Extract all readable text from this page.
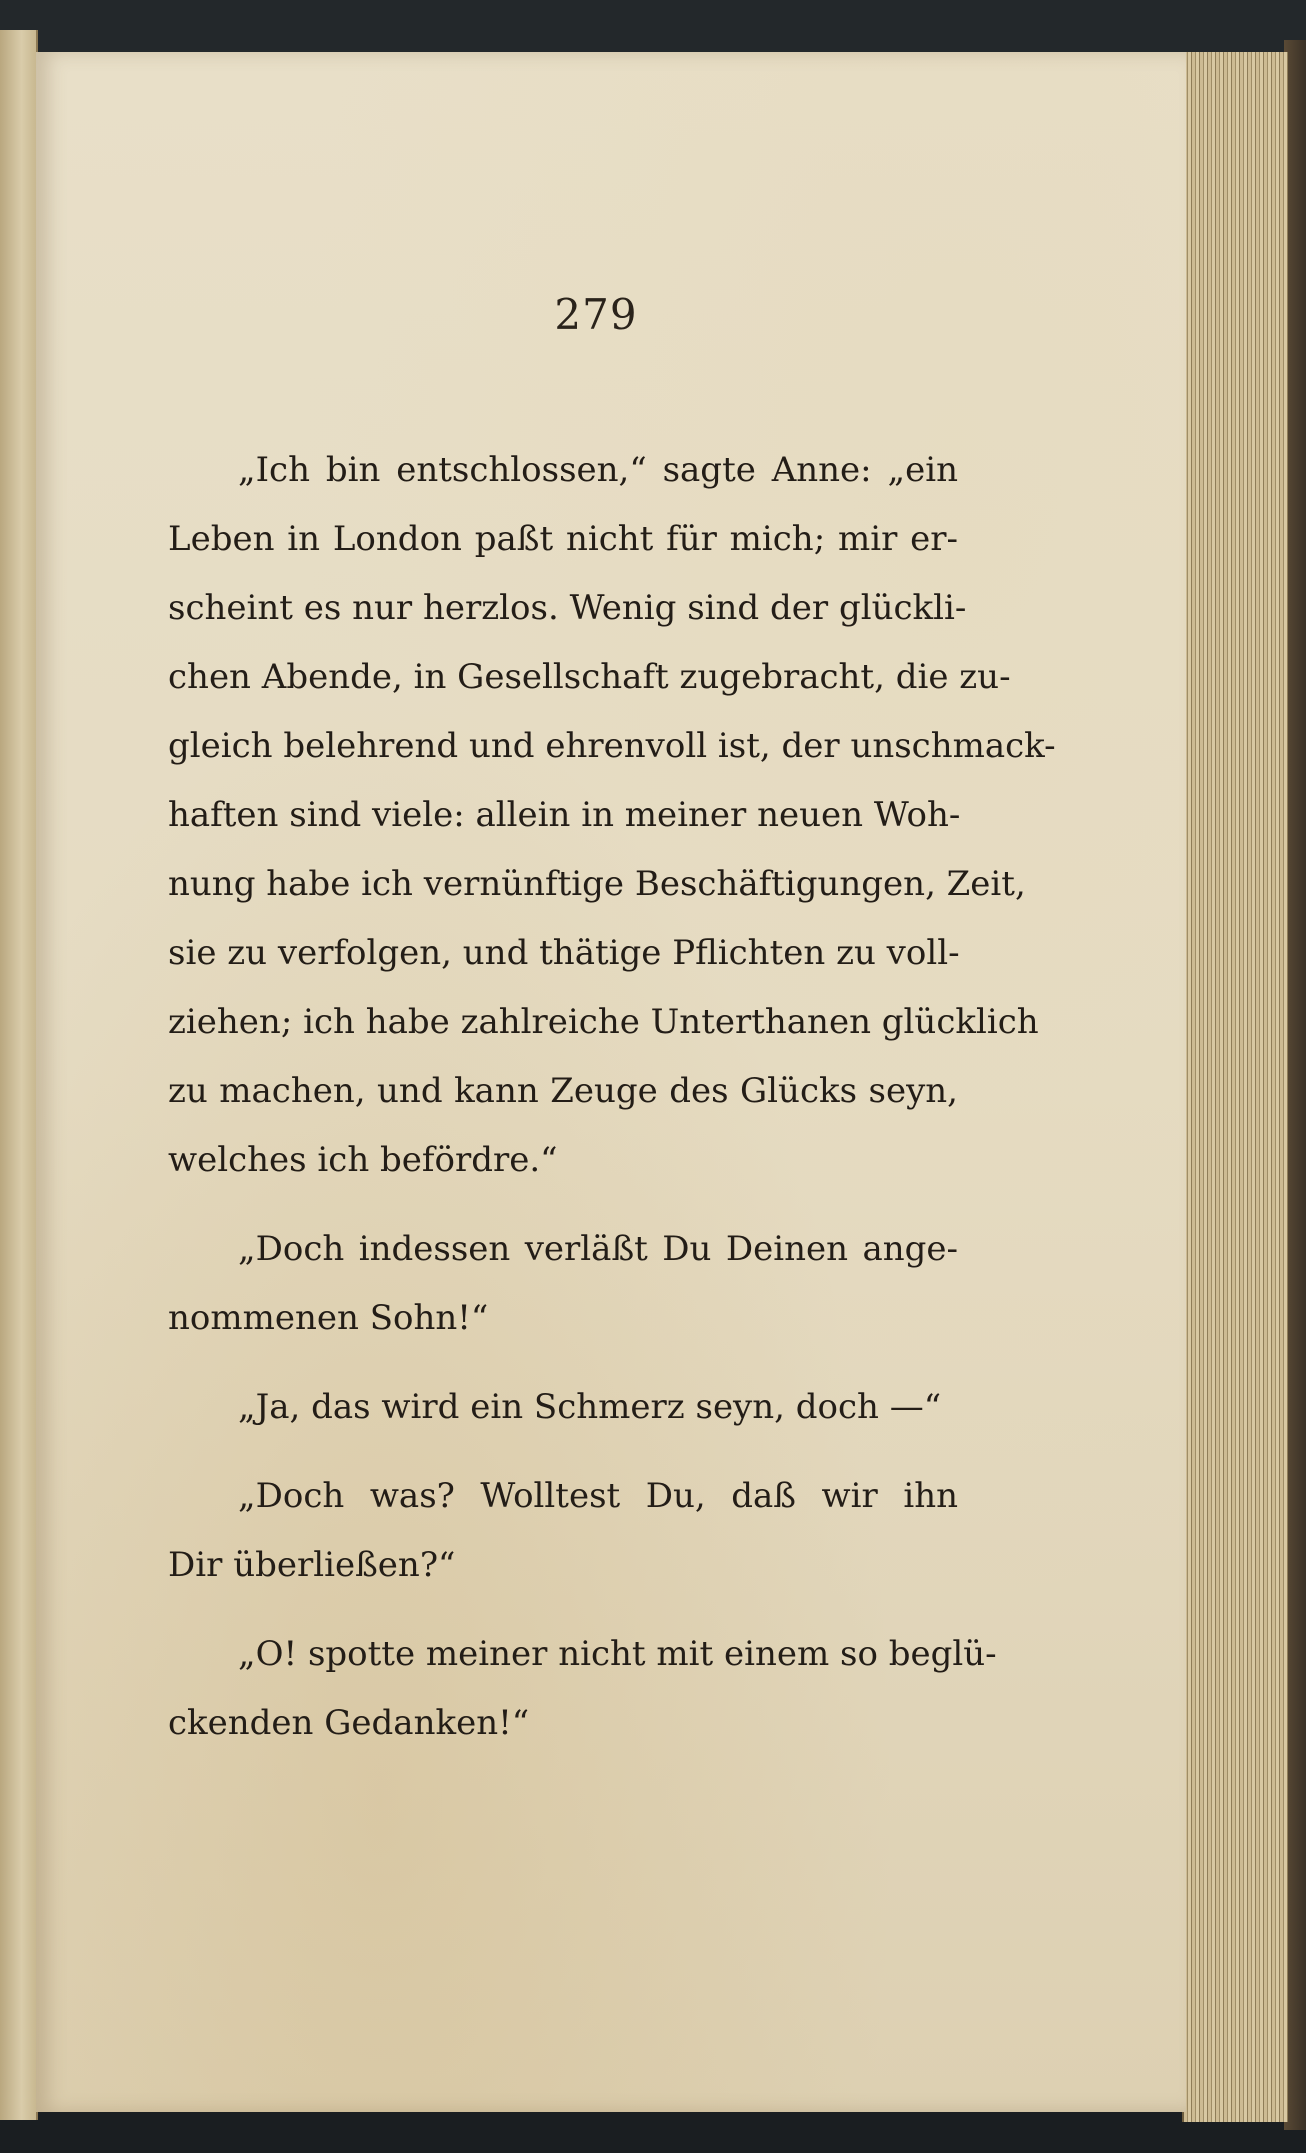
279
„Ich bin entschlossen,“ sagte Anne: „ein
Leben in London paßt nicht für mich; mir er-
scheint es nur herzlos. Wenig sind der glückli-
chen Abende, in Gesellschaft zugebracht, die zu-
gleich belehrend und ehrenvoll ist, der unschmack-
haften sind viele: allein in meiner neuen Woh-
nung habe ich vernünftige Beschäftigungen, Zeit,
sie zu verfolgen, und thätige Pflichten zu voll-
ziehen; ich habe zahlreiche Unterthanen glücklich
zu machen, und kann Zeuge des Glücks seyn,
welches ich befördre.“
„Doch indessen verläßt Du Deinen ange-
nommenen Sohn!“
„Ja, das wird ein Schmerz seyn, doch —“
„Doch was? Wolltest Du, daß wir ihn
Dir überließen?“
„O! spotte meiner nicht mit einem so beglü-
ckenden Gedanken!“
